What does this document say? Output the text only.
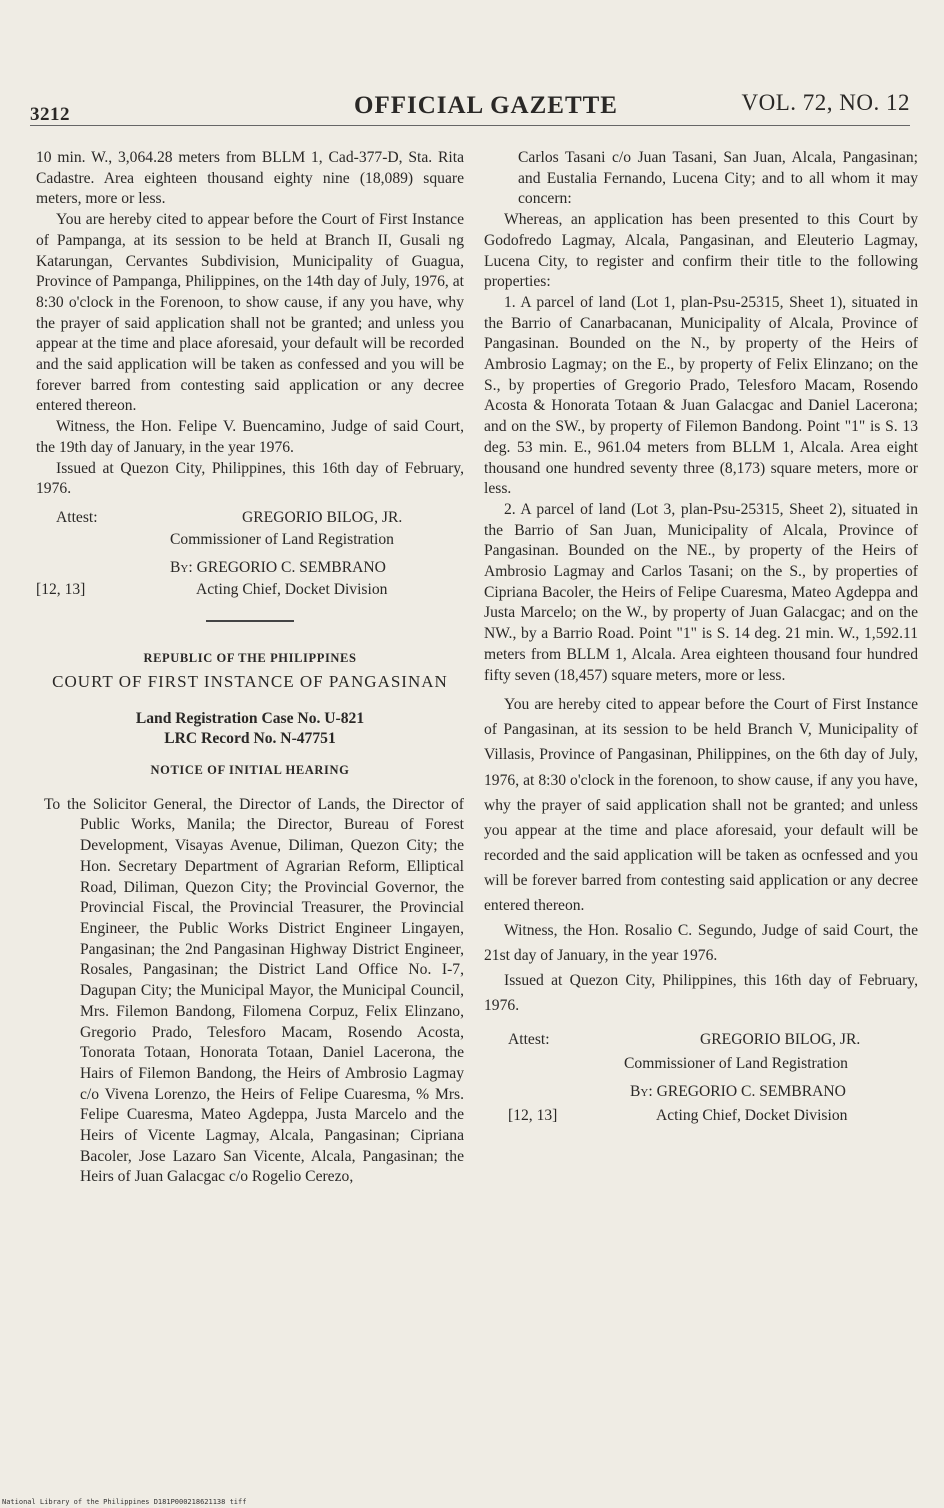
3212	OFFICIAL GAZETTE	VOL. 72, NO. 12

10 min. W., 3,064.28 meters from BLLM 1, Cad-377-D, Sta. Rita Cadastre. Area eighteen thousand eighty nine (18,089) square meters, more or less.

You are hereby cited to appear before the Court of First Instance of Pampanga, at its session to be held at Branch II, Gusali ng Katarungan, Cervantes Subdivision, Municipality of Guagua, Province of Pampanga, Philippines, on the 14th day of July, 1976, at 8:30 o'clock in the Forenoon, to show cause, if any you have, why the prayer of said application shall not be granted; and unless you appear at the time and place aforesaid, your default will be recorded and the said application will be taken as confessed and you will be forever barred from contesting said application or any decree entered thereon.

Witness, the Hon. Felipe V. Buencamino, Judge of said Court, the 19th day of January, in the year 1976.

Issued at Quezon City, Philippines, this 16th day of February, 1976.

Attest:	GREGORIO BILOG, JR.
Commissioner of Land Registration
By: GREGORIO C. SEMBRANO
[12, 13]	Acting Chief, Docket Division

REPUBLIC OF THE PHILIPPINES

COURT OF FIRST INSTANCE OF PANGASINAN

Land Registration Case No. U-821

LRC Record No. N-47751

NOTICE OF INITIAL HEARING

To the Solicitor General, the Director of Lands, the Director of Public Works, Manila; the Director, Bureau of Forest Development, Visayas Avenue, Diliman, Quezon City; the Hon. Secretary Department of Agrarian Reform, Elliptical Road, Diliman, Quezon City; the Provincial Governor, the Provincial Fiscal, the Provincial Treasurer, the Provincial Engineer, the Public Works District Engineer Lingayen, Pangasinan; the 2nd Pangasinan Highway District Engineer, Rosales, Pangasinan; the District Land Office No. I-7, Dagupan City; the Municipal Mayor, the Municipal Council, Mrs. Filemon Bandong, Filomena Corpuz, Felix Elinzano, Gregorio Prado, Telesforo Macam, Rosendo Acosta, Tonorata Totaan, Honorata Totaan, Daniel Lacerona, the Hairs of Filemon Bandong, the Heirs of Ambrosio Lagmay c/o Vivena Lorenzo, the Heirs of Felipe Cuaresma, % Mrs. Felipe Cuaresma, Mateo Agdeppa, Justa Marcelo and the Heirs of Vicente Lagmay, Alcala, Pangasinan; Cipriana Bacoler, Jose Lazaro San Vicente, Alcala, Pangasinan; the Heirs of Juan Galacgac c/o Rogelio Cerezo,

Carlos Tasani c/o Juan Tasani, San Juan, Alcala, Pangasinan; and Eustalia Fernando, Lucena City; and to all whom it may concern:

Whereas, an application has been presented to this Court by Godofredo Lagmay, Alcala, Pangasinan, and Eleuterio Lagmay, Lucena City, to register and confirm their title to the following properties:

1. A parcel of land (Lot 1, plan-Psu-25315, Sheet 1), situated in the Barrio of Canarbacanan, Municipality of Alcala, Province of Pangasinan. Bounded on the N., by property of the Heirs of Ambrosio Lagmay; on the E., by property of Felix Elinzano; on the S., by properties of Gregorio Prado, Telesforo Macam, Rosendo Acosta & Honorata Totaan & Juan Galacgac and Daniel Lacerona; and on the SW., by property of Filemon Bandong. Point "1" is S. 13 deg. 53 min. E., 961.04 meters from BLLM 1, Alcala. Area eight thousand one hundred seventy three (8,173) square meters, more or less.

2. A parcel of land (Lot 3, plan-Psu-25315, Sheet 2), situated in the Barrio of San Juan, Municipality of Alcala, Province of Pangasinan. Bounded on the NE., by property of the Heirs of Ambrosio Lagmay and Carlos Tasani; on the S., by properties of Cipriana Bacoler, the Heirs of Felipe Cuaresma, Mateo Agdeppa and Justa Marcelo; on the W., by property of Juan Galacgac; and on the NW., by a Barrio Road. Point "1" is S. 14 deg. 21 min. W., 1,592.11 meters from BLLM 1, Alcala. Area eighteen thousand four hundred fifty seven (18,457) square meters, more or less.

You are hereby cited to appear before the Court of First Instance of Pangasinan, at its session to be held Branch V, Municipality of Villasis, Province of Pangasinan, Philippines, on the 6th day of July, 1976, at 8:30 o'clock in the forenoon, to show cause, if any you have, why the prayer of said application shall not be granted; and unless you appear at the time and place aforesaid, your default will be recorded and the said application will be taken as ocnfessed and you will be forever barred from contesting said application or any decree entered thereon.

Witness, the Hon. Rosalio C. Segundo, Judge of said Court, the 21st day of January, in the year 1976.

Issued at Quezon City, Philippines, this 16th day of February, 1976.

Attest:	GREGORIO BILOG, JR.
Commissioner of Land Registration
By: GREGORIO C. SEMBRANO
[12, 13]	Acting Chief, Docket Division
National Library of the Philippines D181P000218621138 tiff
